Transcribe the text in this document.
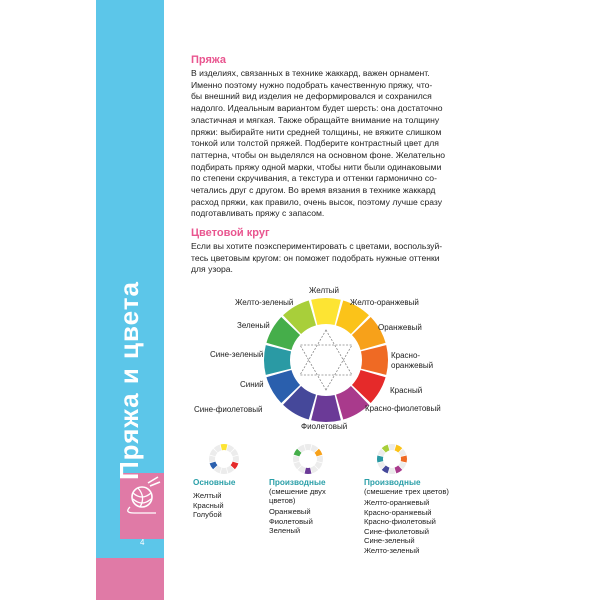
4
Пряжа
В изделиях, связанных в технике жаккард, важен орнамент.
Именно поэтому нужно подобрать качественную пряжу, что-
бы внешний вид изделия не деформировался и сохранился
надолго. Идеальным вариантом будет шерсть: она достаточно
эластичная и мягкая. Также обращайте внимание на толщину
пряжи: выбирайте нити средней толщины, не вяжите слишком
тонкой или толстой пряжей. Подберите контрастный цвет для
паттерна, чтобы он выделялся на основном фоне. Желательно
подбирать пряжу одной марки, чтобы нити были одинаковыми
по степени скручивания, а текстура и оттенки гармонично со-
четались друг с другом. Во время вязания в технике жаккард
расход пряжи, как правило, очень высок, поэтому лучше сразу
подготавливать пряжу с запасом.
Цветовой круг
Если вы хотите поэкспериментировать с цветами, воспользуй-
тесь цветовым кругом: он поможет подобрать нужные оттенки
для узора.
Желтый
Желто-оранжевый
Оранжевый
Красно-
оранжевый
Красный
Красно-фиолетовый
Фиолетовый
Сине-фиолетовый
Синий
Сине-зеленый
Зеленый
Желто-зеленый
Основные
Желтый
Красный
Голубой
Производные
(смешение двух
цветов)
Оранжевый
Фиолетовый
Зеленый
Производные
(смешение трех цветов)
Желто-оранжевый
Красно-оранжевый
Красно-фиолетовый
Сине-фиолетовый
Сине-зеленый
Желто-зеленый
